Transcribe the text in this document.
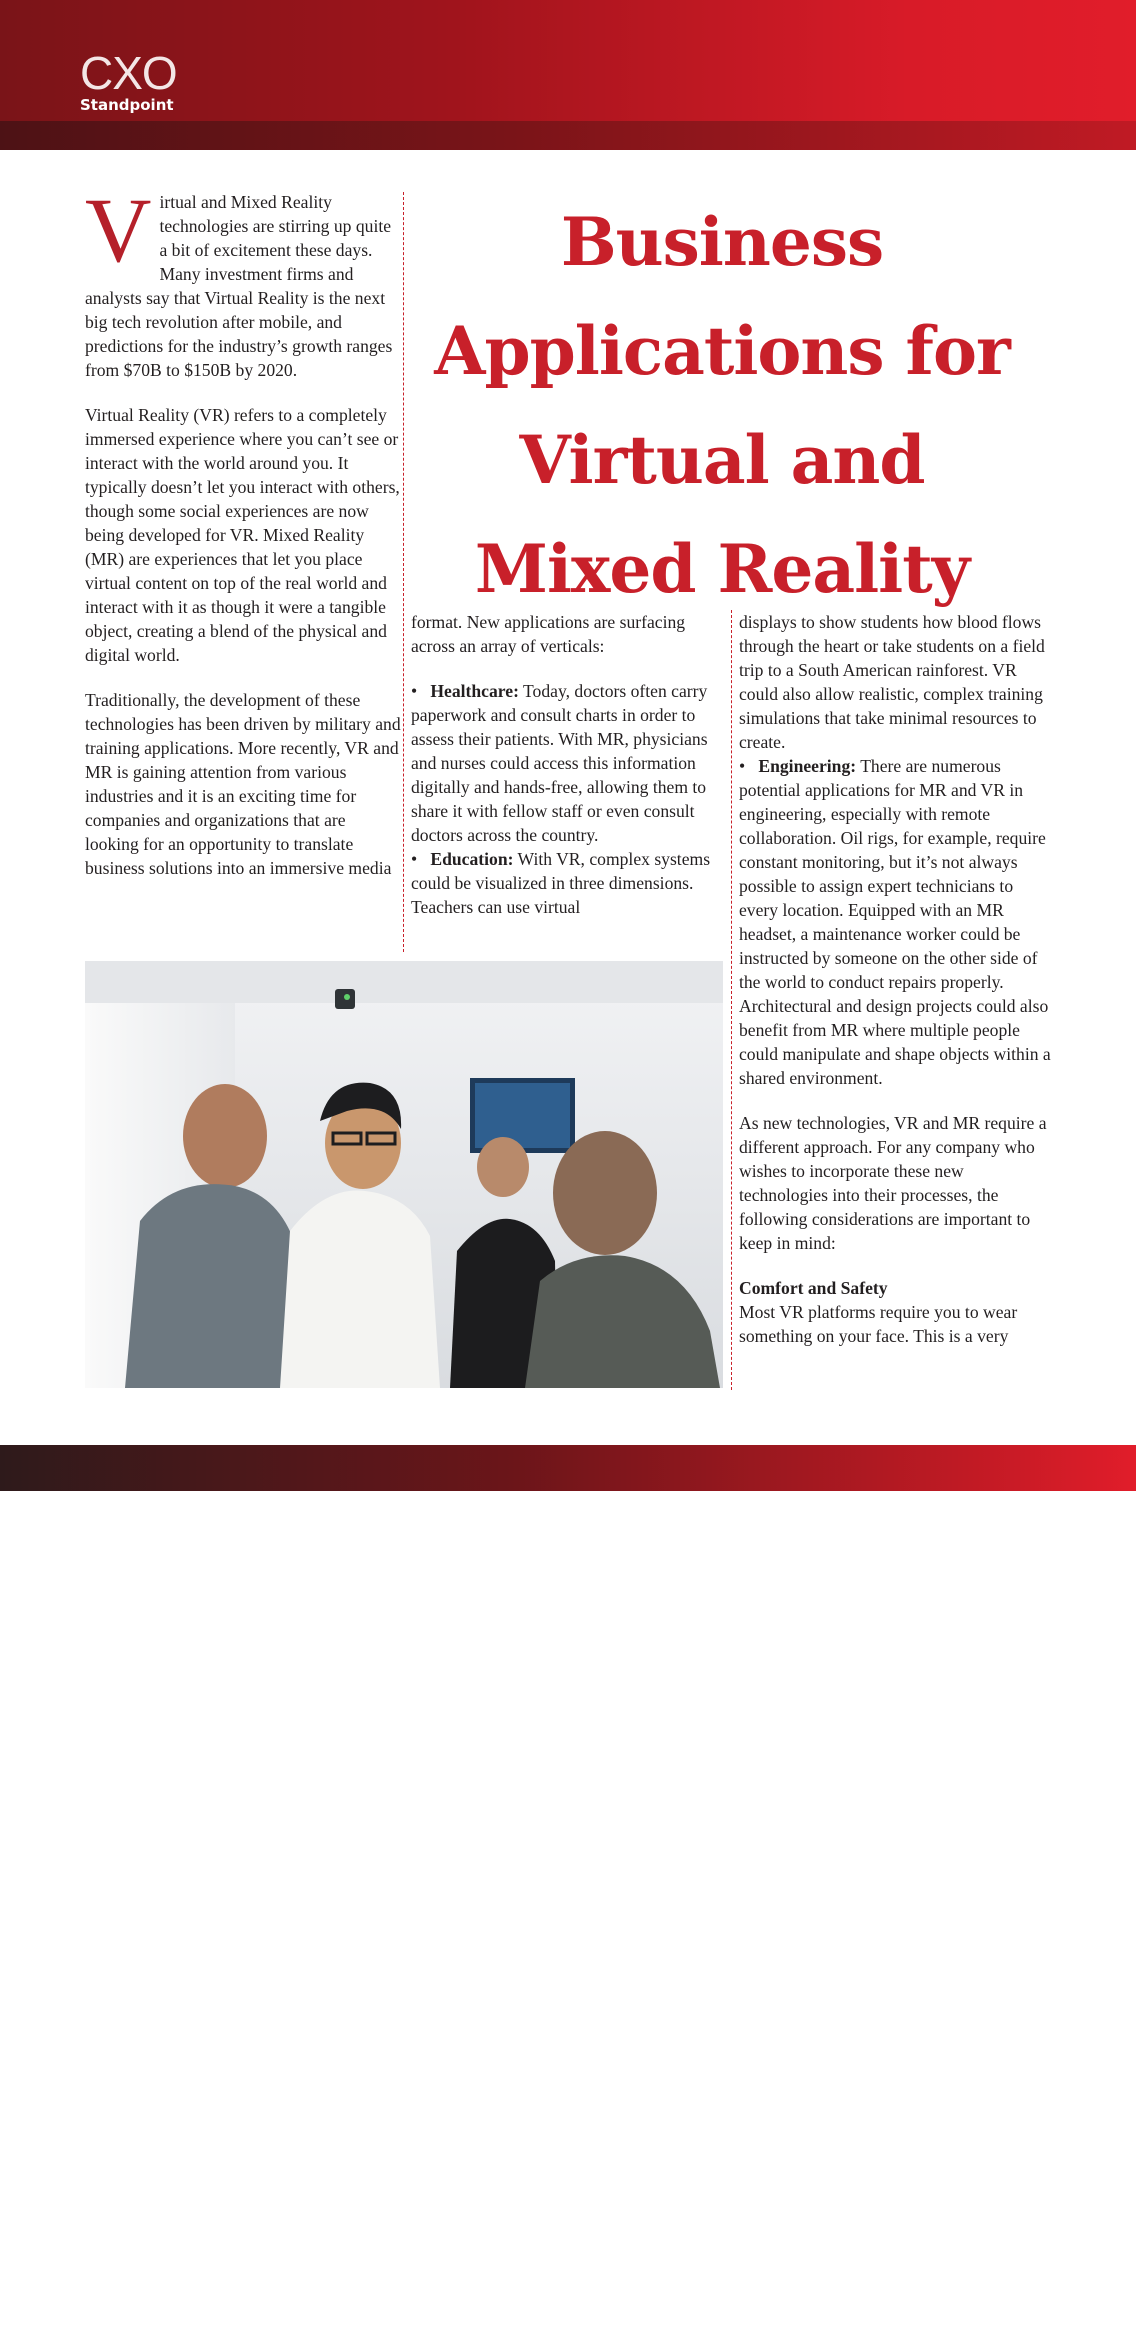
CXO
Standpoint

Virtual and Mixed Reality technologies are stirring up quite a bit of excitement these days. Many investment firms and analysts say that Virtual Reality is the next big tech revolution after mobile, and predictions for the industry’s growth ranges from $70B to $150B by 2020.

Virtual Reality (VR) refers to a completely immersed experience where you can’t see or interact with the world around you. It typically doesn’t let you interact with others, though some social experiences are now being developed for VR. Mixed Reality (MR) are experiences that let you place virtual content on top of the real world and interact with it as though it were a tangible object, creating a blend of the physical and digital world.

Traditionally, the development of these technologies has been driven by military and training applications. More recently, VR and MR is gaining attention from various industries and it is an exciting time for companies and organizations that are looking for an opportunity to translate business solutions into an immersive media

Business
Applications for
Virtual and
Mixed Reality

format. New applications are surfacing across an array of verticals:

•   Healthcare: Today, doctors often carry paperwork and consult charts in order to assess their patients. With MR, physicians and nurses could access this information digitally and hands-free, allowing them to share it with fellow staff or even consult doctors across the country.

•   Education: With VR, complex systems could be visualized in three dimensions. Teachers can use virtual

displays to show students how blood flows through the heart or take students on a field trip to a South American rainforest. VR could also allow realistic, complex training simulations that take minimal resources to create.

•   Engineering: There are numerous potential applications for MR and VR in engineering, especially with remote collaboration. Oil rigs, for example, require constant monitoring, but it’s not always possible to assign expert technicians to every location. Equipped with an MR headset, a maintenance worker could be instructed by someone on the other side of the world to conduct repairs properly. Architectural and design projects could also benefit from MR where multiple people could manipulate and shape objects within a shared environment.

As new technologies, VR and MR require a different approach. For any company who wishes to incorporate these new technologies into their processes, the following considerations are important to keep in mind:

Comfort and Safety

Most VR platforms require you to wear something on your face. This is a very

William Lai
Co-founder & President,
8ninths
